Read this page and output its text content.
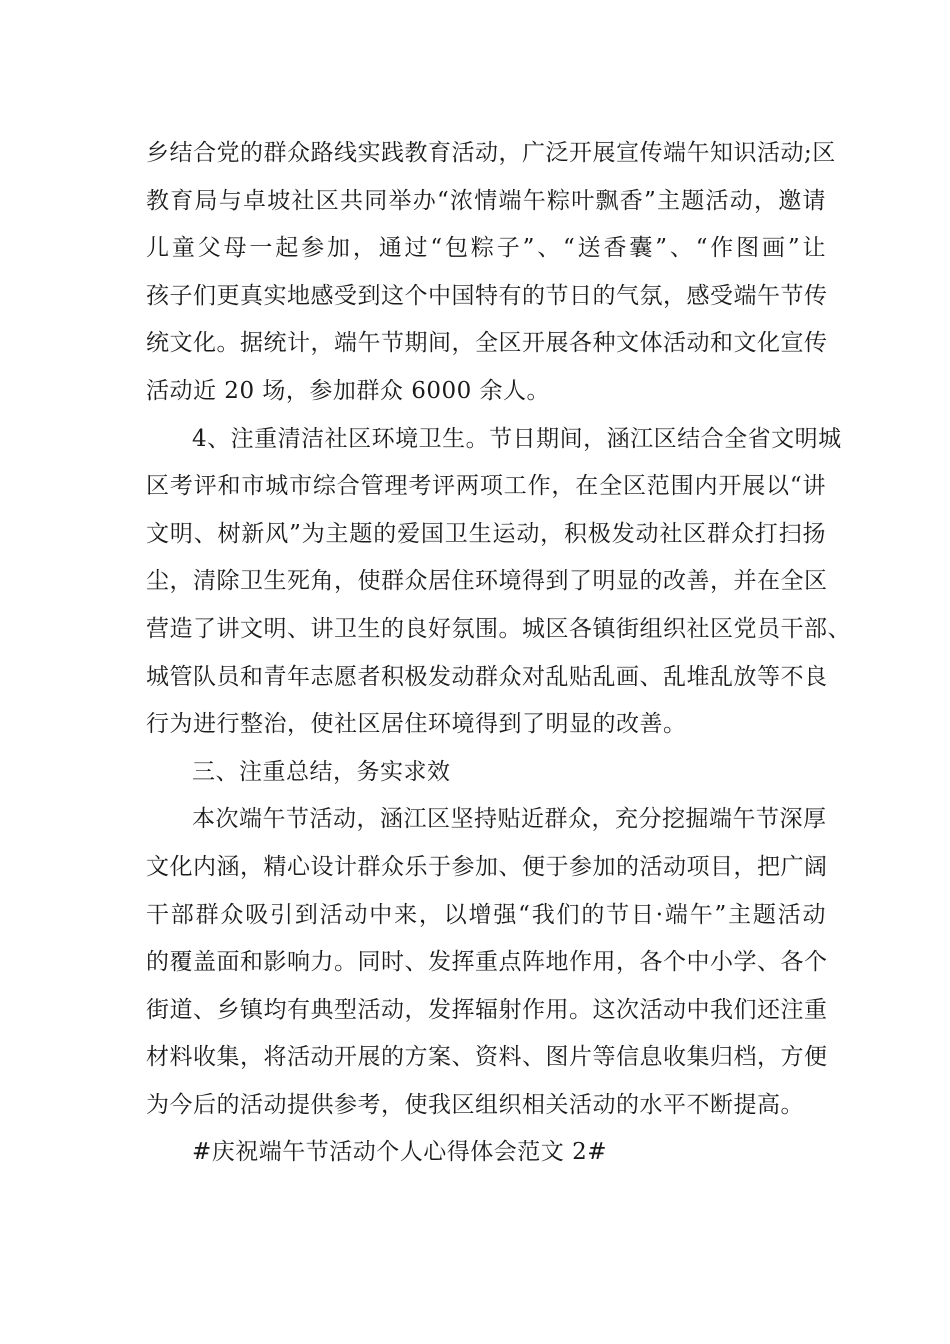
乡结合党的群众路线实践教育活动，广泛开展宣传端午知识活动;区
教育局与卓坡社区共同举办“浓情端午粽叶飘香”主题活动，邀请
儿童父母一起参加，通过“包粽子”、“送香囊”、“作图画”让
孩子们更真实地感受到这个中国特有的节日的气氛，感受端午节传
统文化。据统计，端午节期间，全区开展各种文体活动和文化宣传
活动近 20 场，参加群众 6000 余人。
4、注重清洁社区环境卫生。节日期间，涵江区结合全省文明城
区考评和市城市综合管理考评两项工作，在全区范围内开展以“讲
文明、树新风”为主题的爱国卫生运动，积极发动社区群众打扫扬
尘，清除卫生死角，使群众居住环境得到了明显的改善，并在全区
营造了讲文明、讲卫生的良好氛围。城区各镇街组织社区党员干部、
城管队员和青年志愿者积极发动群众对乱贴乱画、乱堆乱放等不良
行为进行整治，使社区居住环境得到了明显的改善。
三、注重总结，务实求效
本次端午节活动，涵江区坚持贴近群众，充分挖掘端午节深厚
文化内涵，精心设计群众乐于参加、便于参加的活动项目，把广阔
干部群众吸引到活动中来，以增强“我们的节日·端午”主题活动
的覆盖面和影响力。同时、发挥重点阵地作用，各个中小学、各个
街道、乡镇均有典型活动，发挥辐射作用。这次活动中我们还注重
材料收集，将活动开展的方案、资料、图片等信息收集归档，方便
为今后的活动提供参考，使我区组织相关活动的水平不断提高。
#庆祝端午节活动个人心得体会范文 2#
